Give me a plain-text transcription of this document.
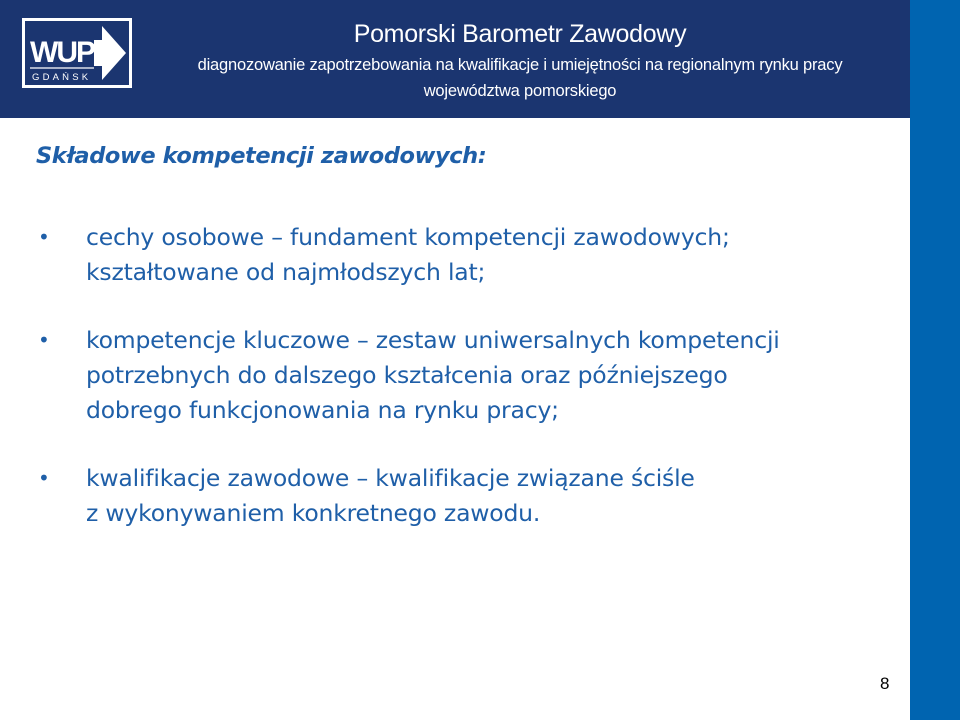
WUP
GDAŃSK
Pomorski Barometr Zawodowy
diagnozowanie zapotrzebowania na kwalifikacje i umiejętności na regionalnym rynku pracy
województwa pomorskiego
Składowe kompetencji zawodowych:
• cechy osobowe – fundament kompetencji zawodowych;
kształtowane od najmłodszych lat;
• kompetencje kluczowe – zestaw uniwersalnych kompetencji
potrzebnych do dalszego kształcenia oraz późniejszego
dobrego funkcjonowania na rynku pracy;
• kwalifikacje zawodowe – kwalifikacje związane ściśle
z wykonywaniem konkretnego zawodu.
8
